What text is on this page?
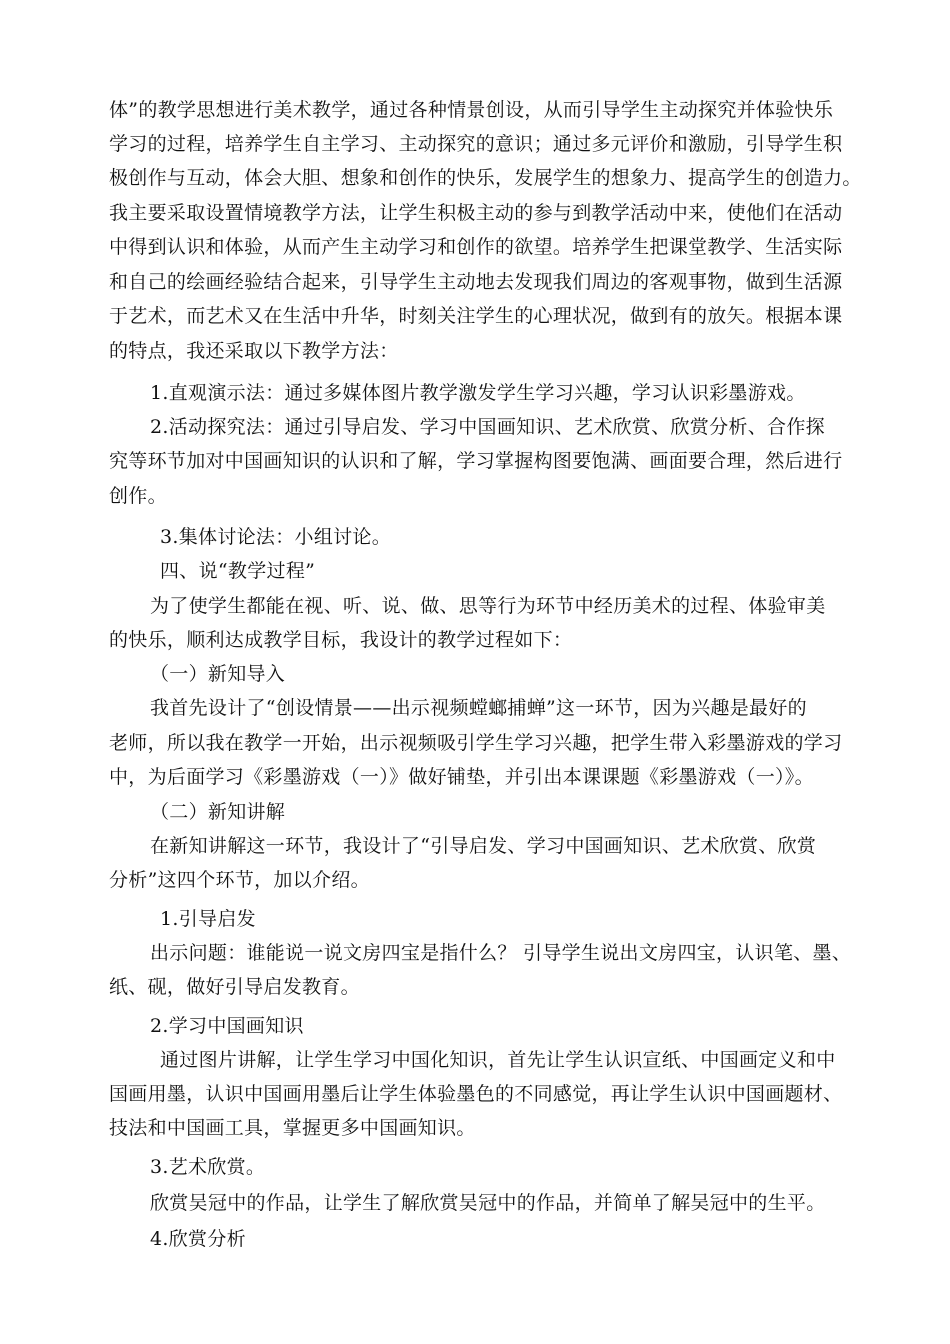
体”的教学思想进行美术教学，通过各种情景创设，从而引导学生主动探究并体验快乐
学习的过程，培养学生自主学习、主动探究的意识；通过多元评价和激励，引导学生积
极创作与互动，体会大胆、想象和创作的快乐，发展学生的想象力、提高学生的创造力。
我主要采取设置情境教学方法，让学生积极主动的参与到教学活动中来，使他们在活动
中得到认识和体验，从而产生主动学习和创作的欲望。培养学生把课堂教学、生活实际
和自己的绘画经验结合起来，引导学生主动地去发现我们周边的客观事物，做到生活源
于艺术，而艺术又在生活中升华，时刻关注学生的心理状况，做到有的放矢。根据本课
的特点，我还采取以下教学方法：
1.直观演示法：通过多媒体图片教学激发学生学习兴趣，学习认识彩墨游戏。
2.活动探究法：通过引导启发、学习中国画知识、艺术欣赏、欣赏分析、合作探
究等环节加对中国画知识的认识和了解，学习掌握构图要饱满、画面要合理，然后进行
创作。
3.集体讨论法：小组讨论。
四、说“教学过程”
为了使学生都能在视、听、说、做、思等行为环节中经历美术的过程、体验审美
的快乐，顺利达成教学目标，我设计的教学过程如下：
（一）新知导入
我首先设计了“创设情景——出示视频螳螂捕蝉”这一环节，因为兴趣是最好的
老师，所以我在教学一开始，出示视频吸引学生学习兴趣，把学生带入彩墨游戏的学习
中，为后面学习《彩墨游戏（一）》做好铺垫，并引出本课课题《彩墨游戏（一）》。
（二）新知讲解
在新知讲解这一环节，我设计了“引导启发、学习中国画知识、艺术欣赏、欣赏
分析”这四个环节，加以介绍。
1.引导启发
出示问题：谁能说一说文房四宝是指什么？ 引导学生说出文房四宝，认识笔、墨、
纸、砚，做好引导启发教育。
2.学习中国画知识
通过图片讲解，让学生学习中国化知识，首先让学生认识宣纸、中国画定义和中
国画用墨，认识中国画用墨后让学生体验墨色的不同感觉，再让学生认识中国画题材、
技法和中国画工具，掌握更多中国画知识。
3.艺术欣赏。
欣赏吴冠中的作品，让学生了解欣赏吴冠中的作品，并简单了解吴冠中的生平。
4.欣赏分析
